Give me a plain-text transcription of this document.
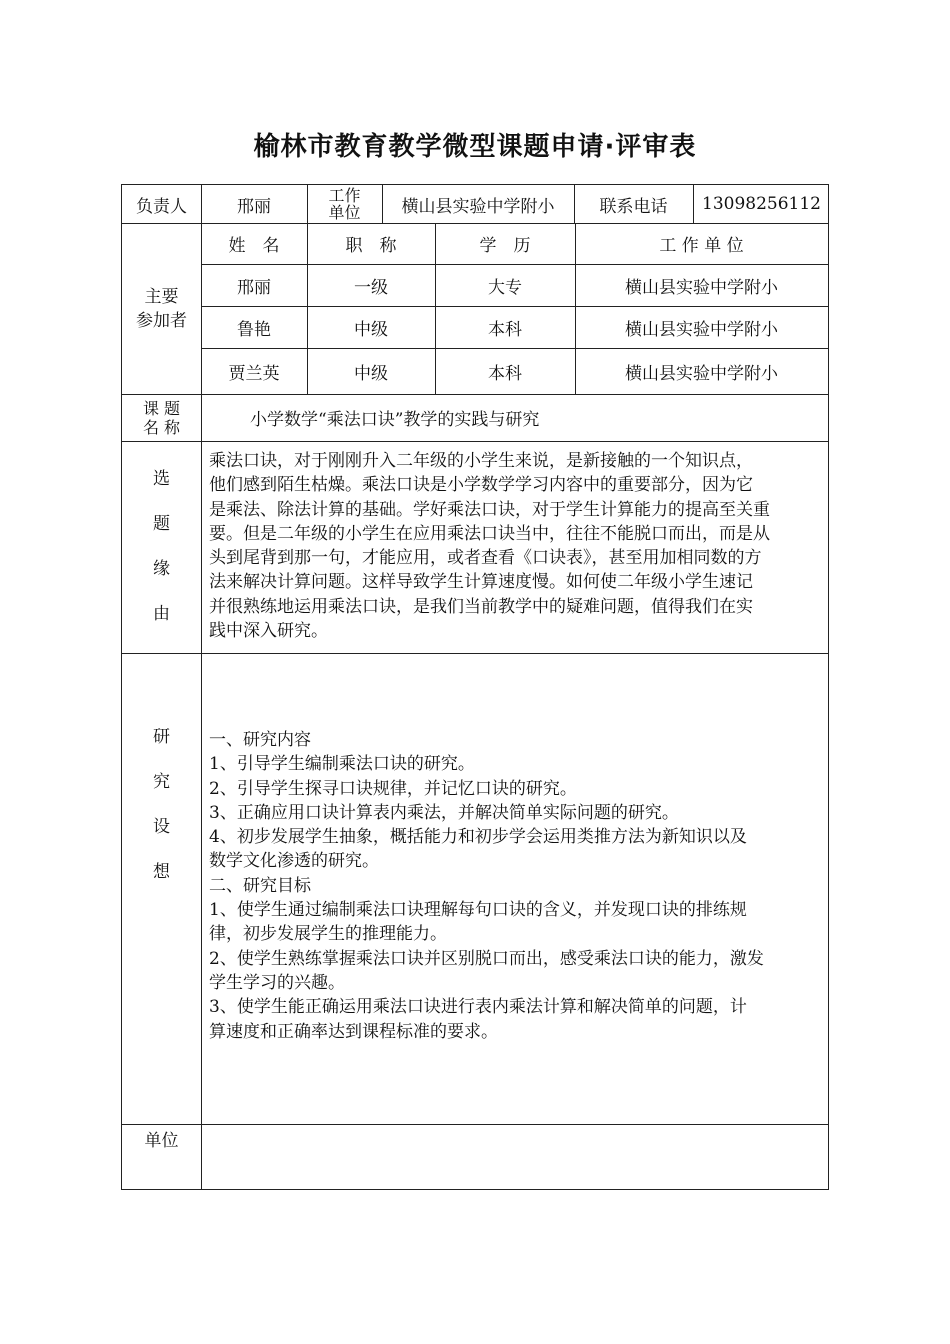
榆林市教育教学微型课题申请·评审表
负责人	邢丽
工作
单位	横山县实验中学附小	联系电话	13098256112
主要
参加者
姓　名	职　称	学　历	工 作 单 位
邢丽	一级	大专	横山县实验中学附小
鲁艳	中级	本科	横山县实验中学附小
贾兰英	中级	本科	横山县实验中学附小
课 题
名 称	小学数学“乘法口诀”教学的实践与研究
选
题
缘
由
乘法口诀，对于刚刚升入二年级的小学生来说，是新接触的一个知识点，
他们感到陌生枯燥。乘法口诀是小学数学学习内容中的重要部分，因为它
是乘法、除法计算的基础。学好乘法口诀，对于学生计算能力的提高至关重
要。但是二年级的小学生在应用乘法口诀当中，往往不能脱口而出，而是从
头到尾背到那一句，才能应用，或者查看《口诀表》，甚至用加相同数的方
法来解决计算问题。这样导致学生计算速度慢。如何使二年级小学生速记
并很熟练地运用乘法口诀，是我们当前教学中的疑难问题，值得我们在实
践中深入研究。
研
究
设
想
一、研究内容
1、引导学生编制乘法口诀的研究。
2、引导学生探寻口诀规律，并记忆口诀的研究。
3、正确应用口诀计算表内乘法，并解决简单实际问题的研究。
4、初步发展学生抽象，概括能力和初步学会运用类推方法为新知识以及
数学文化渗透的研究。
二、研究目标
1、使学生通过编制乘法口诀理解每句口诀的含义，并发现口诀的排练规
律，初步发展学生的推理能力。
2、使学生熟练掌握乘法口诀并区别脱口而出，感受乘法口诀的能力，激发
学生学习的兴趣。
3、使学生能正确运用乘法口诀进行表内乘法计算和解决简单的问题，计
算速度和正确率达到课程标准的要求。
单位
